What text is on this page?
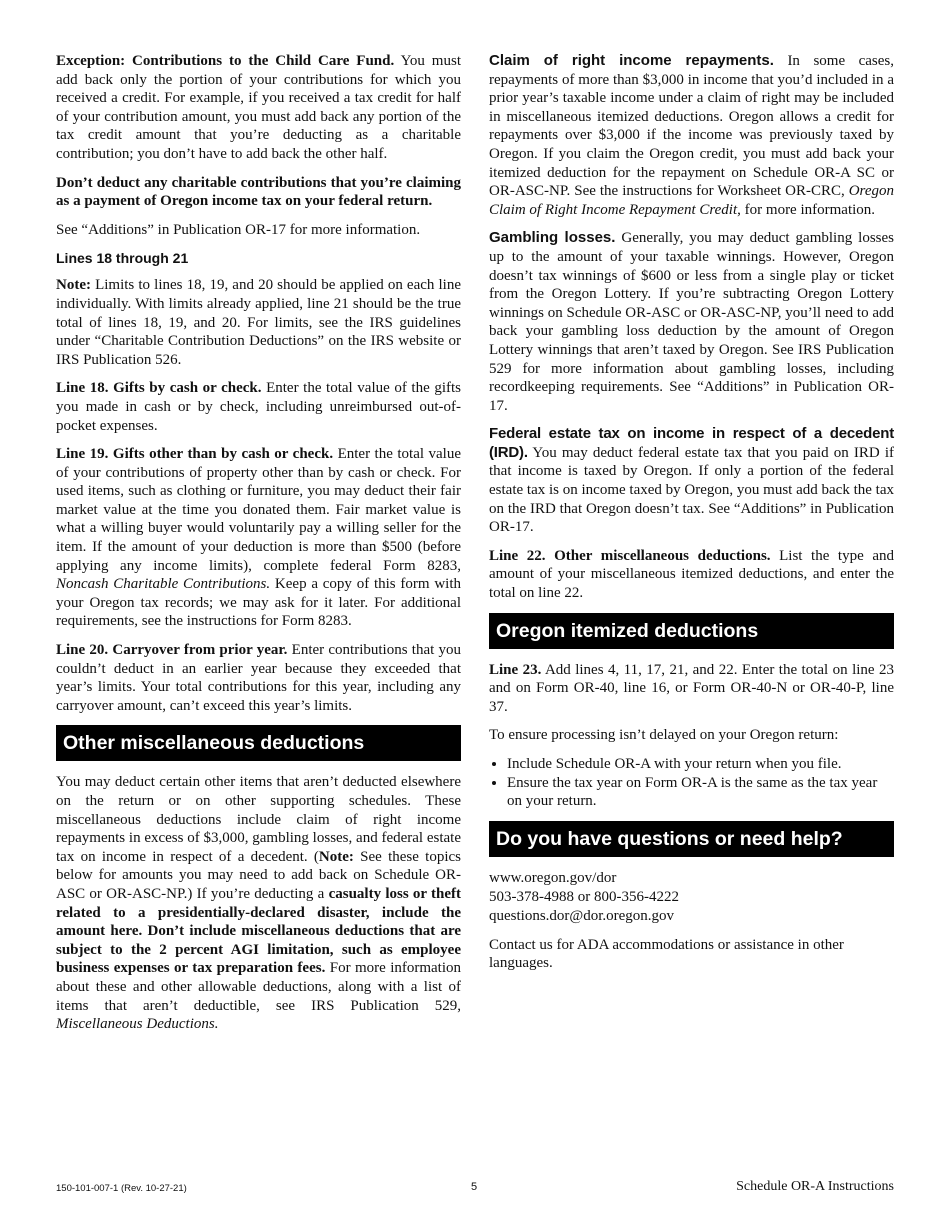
Exception: Contributions to the Child Care Fund. You must add back only the portion of your contributions for which you received a credit. For example, if you received a tax credit for half of your contribution amount, you must add back any portion of the tax credit amount that you’re deducting as a charitable contribution; you don’t have to add back the other half.

Don’t deduct any charitable contributions that you’re claiming as a payment of Oregon income tax on your federal return.

See “Additions” in Publication OR-17 for more information.

Lines 18 through 21

Note: Limits to lines 18, 19, and 20 should be applied on each line individually. With limits already applied, line 21 should be the true total of lines 18, 19, and 20. For limits, see the IRS guidelines under “Charitable Contribution Deductions” on the IRS website or IRS Publication 526.

Line 18. Gifts by cash or check. Enter the total value of the gifts you made in cash or by check, including unreimbursed out-of-pocket expenses.

Line 19. Gifts other than by cash or check. Enter the total value of your contributions of property other than by cash or check. For used items, such as clothing or furniture, you may deduct their fair market value at the time you donated them. Fair market value is what a willing buyer would voluntarily pay a willing seller for the item. If the amount of your deduction is more than $500 (before applying any income limits), complete federal Form 8283, Noncash Charitable Contributions. Keep a copy of this form with your Oregon tax records; we may ask for it later. For additional requirements, see the instructions for Form 8283.

Line 20. Carryover from prior year. Enter contributions that you couldn’t deduct in an earlier year because they exceeded that year’s limits. Your total contributions for this year, including any carryover amount, can’t exceed this year’s limits.

Other miscellaneous deductions

You may deduct certain other items that aren’t deducted elsewhere on the return or on other supporting schedules. These miscellaneous deductions include claim of right income repayments in excess of $3,000, gambling losses, and federal estate tax on income in respect of a decedent. (Note: See these topics below for amounts you may need to add back on Schedule OR-ASC or OR-ASC-NP.) If you’re deducting a casualty loss or theft related to a presidentially-declared disaster, include the amount here. Don’t include miscellaneous deductions that are subject to the 2 percent AGI limitation, such as employee business expenses or tax preparation fees. For more information about these and other allowable deductions, along with a list of items that aren’t deductible, see IRS Publication 529, Miscellaneous Deductions.

Claim of right income repayments. In some cases, repayments of more than $3,000 in income that you’d included in a prior year’s taxable income under a claim of right may be included in miscellaneous itemized deductions. Oregon allows a credit for repayments over $3,000 if the income was previously taxed by Oregon. If you claim the Oregon credit, you must add back your itemized deduction for the repayment on Schedule OR-A SC or OR-ASC-NP. See the instructions for Worksheet OR-CRC, Oregon Claim of Right Income Repayment Credit, for more information.

Gambling losses. Generally, you may deduct gambling losses up to the amount of your taxable winnings. However, Oregon doesn’t tax winnings of $600 or less from a single play or ticket from the Oregon Lottery. If you’re subtracting Oregon Lottery winnings on Schedule OR-ASC or OR-ASC-NP, you’ll need to add back your gambling loss deduction by the amount of Oregon Lottery winnings that aren’t taxed by Oregon. See IRS Publication 529 for more information about gambling losses, including recordkeeping requirements. See “Additions” in Publication OR-17.

Federal estate tax on income in respect of a decedent (IRD). You may deduct federal estate tax that you paid on IRD if that income is taxed by Oregon. If only a portion of the federal estate tax is on income taxed by Oregon, you must add back the tax on the IRD that Oregon doesn’t tax. See “Additions” in Publication OR-17.

Line 22. Other miscellaneous deductions. List the type and amount of your miscellaneous itemized deductions, and enter the total on line 22.

Oregon itemized deductions

Line 23. Add lines 4, 11, 17, 21, and 22. Enter the total on line 23 and on Form OR-40, line 16, or Form OR-40-N or OR-40-P, line 37.

To ensure processing isn’t delayed on your Oregon return:

• Include Schedule OR-A with your return when you file.
• Ensure the tax year on Form OR-A is the same as the tax year on your return.
Do you have questions or need help?
www.oregon.gov/dor
503-378-4988 or 800-356-4222
questions.dor@dor.oregon.gov

Contact us for ADA accommodations or assistance in other languages.

150-101-007-1 (Rev. 10-27-21)	5	Schedule OR-A Instructions
